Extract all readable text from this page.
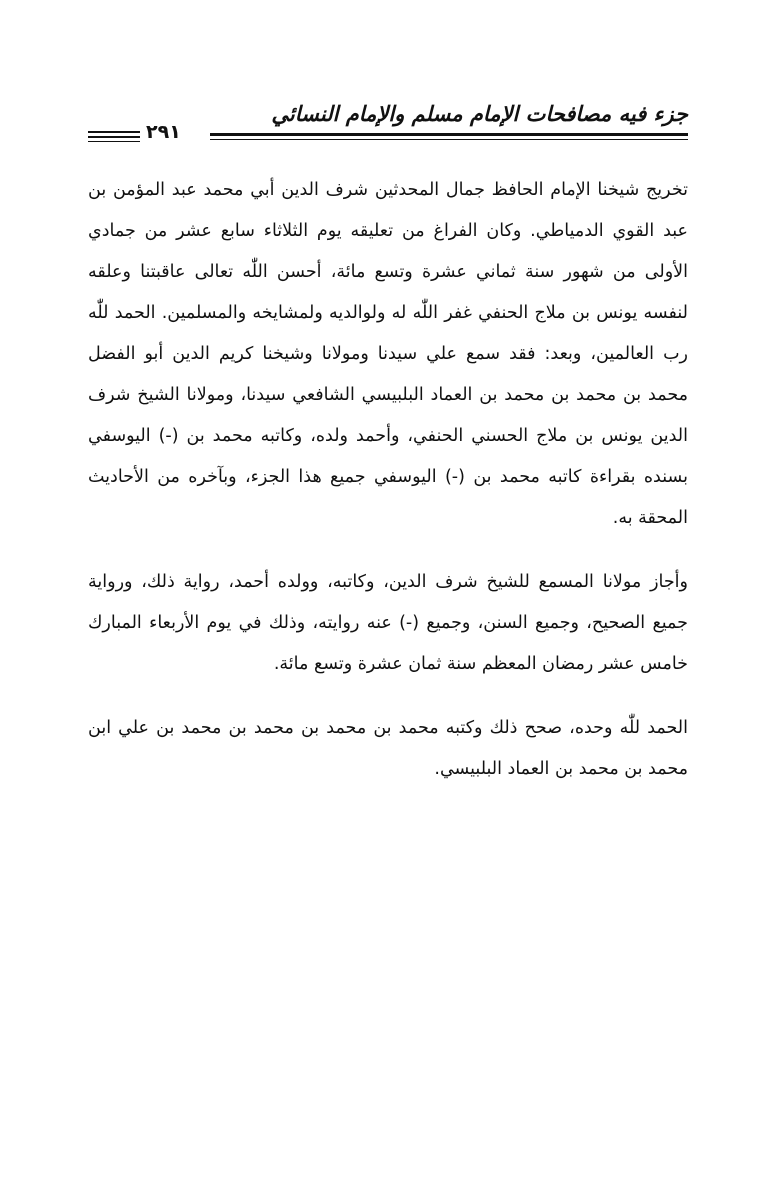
جزء فيه مصافحات الإمام مسلم والإمام النسائي
٢٩١

تخريج شيخنا الإمام الحافظ جمال المحدثين شرف الدين أبي محمد عبد المؤمن بن عبد القوي الدمياطي. وكان الفراغ من تعليقه يوم الثلاثاء سابع عشر من جمادي الأولى من شهور سنة ثماني عشرة وتسع مائة، أحسن اللّٰه تعالى عاقبتنا وعلقه لنفسه يونس بن ملاج الحنفي غفر اللّٰه له ولوالديه ولمشايخه والمسلمين. الحمد للّٰه رب العالمين، وبعد: فقد سمع علي سيدنا ومولانا وشيخنا كريم الدين أبو الفضل محمد بن محمد بن محمد بن العماد البلبيسي الشافعي سيدنا، ومولانا الشيخ شرف الدين يونس بن ملاج الحسني الحنفي، وأحمد ولده، وكاتبه محمد بن (-) اليوسفي بسنده بقراءة كاتبه محمد بن (-) اليوسفي جميع هذا الجزء، وبآخره من الأحاديث المحقة به.

وأجاز مولانا المسمع للشيخ شرف الدين، وكاتبه، وولده أحمد، رواية ذلك، ورواية جميع الصحيح، وجميع السنن، وجميع (-) عنه روايته، وذلك في يوم الأربعاء المبارك خامس عشر رمضان المعظم سنة ثمان عشرة وتسع مائة.

الحمد للّٰه وحده، صحح ذلك وكتبه محمد بن محمد بن محمد بن محمد بن علي ابن محمد بن محمد بن العماد البلبيسي.
